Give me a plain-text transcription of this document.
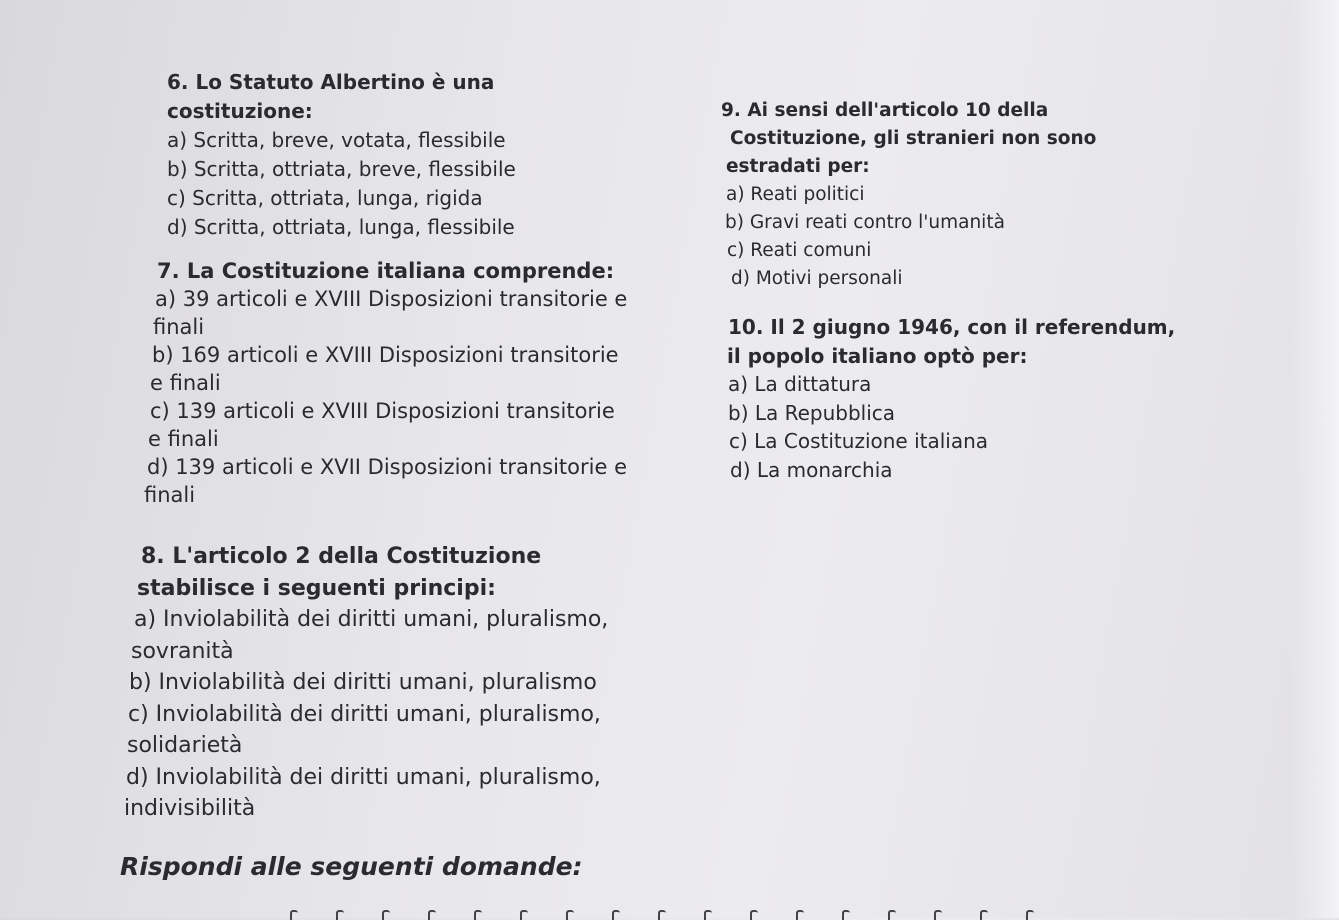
6. Lo Statuto Albertino è una
costituzione:
a) Scritta, breve, votata, flessibile
b) Scritta, ottriata, breve, flessibile
c) Scritta, ottriata, lunga, rigida
d) Scritta, ottriata, lunga, flessibile
7. La Costituzione italiana comprende:
a) 39 articoli e XVIII Disposizioni transitorie e
finali
b) 169 articoli e XVIII Disposizioni transitorie
e finali
c) 139 articoli e XVIII Disposizioni transitorie
e finali
d) 139 articoli e XVII Disposizioni transitorie e
finali
8. L'articolo 2 della Costituzione
stabilisce i seguenti principi:
a) Inviolabilità dei diritti umani, pluralismo,
sovranità
b) Inviolabilità dei diritti umani, pluralismo
c) Inviolabilità dei diritti umani, pluralismo,
solidarietà
d) Inviolabilità dei diritti umani, pluralismo,
indivisibilità
9. Ai sensi dell'articolo 10 della
Costituzione, gli stranieri non sono
estradati per:
a) Reati politici
b) Gravi reati contro l'umanità
c) Reati comuni
d) Motivi personali
10. Il 2 giugno 1946, con il referendum,
il popolo italiano optò per:
a) La dittatura
b) La Repubblica
c) La Costituzione italiana
d) La monarchia
Rispondi alle seguenti domande:
